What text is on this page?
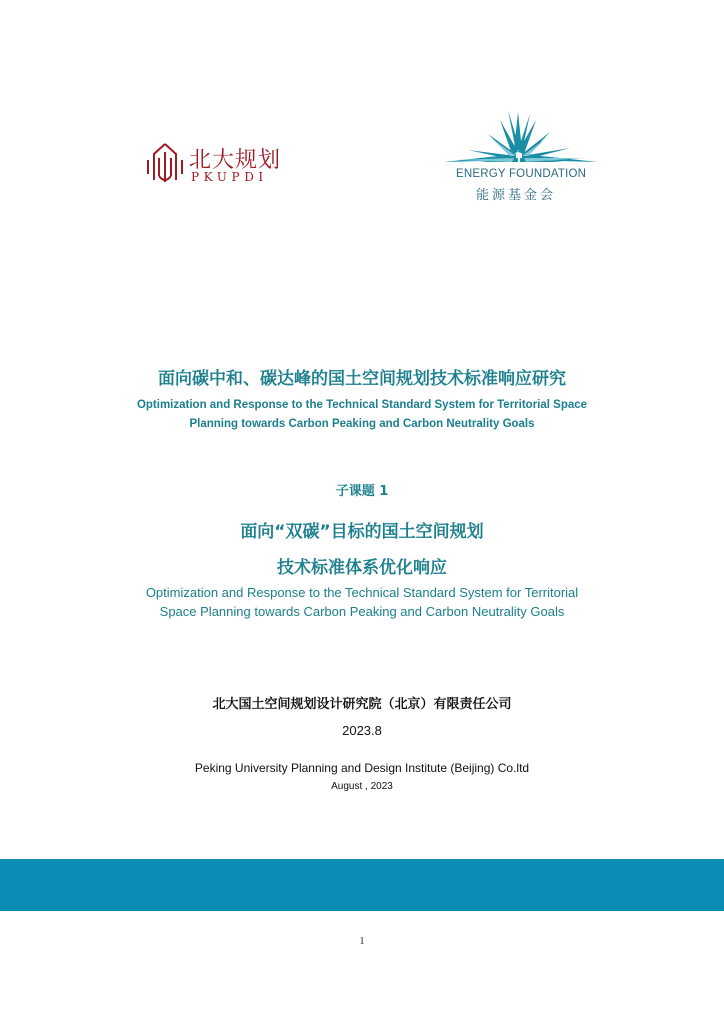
北大规划
PKUPDI	ENERGY FOUNDATION
能源基金会
面向碳中和、碳达峰的国土空间规划技术标准响应研究
Optimization and Response to the Technical Standard System for Territorial Space
Planning towards Carbon Peaking and Carbon Neutrality Goals
子课题 1
面向“双碳”目标的国土空间规划
技术标准体系优化响应
Optimization and Response to the Technical Standard System for Territorial
Space Planning towards Carbon Peaking and Carbon Neutrality Goals
北大国土空间规划设计研究院（北京）有限责任公司
2023.8
Peking University Planning and Design Institute (Beijing) Co.ltd
August , 2023
1
